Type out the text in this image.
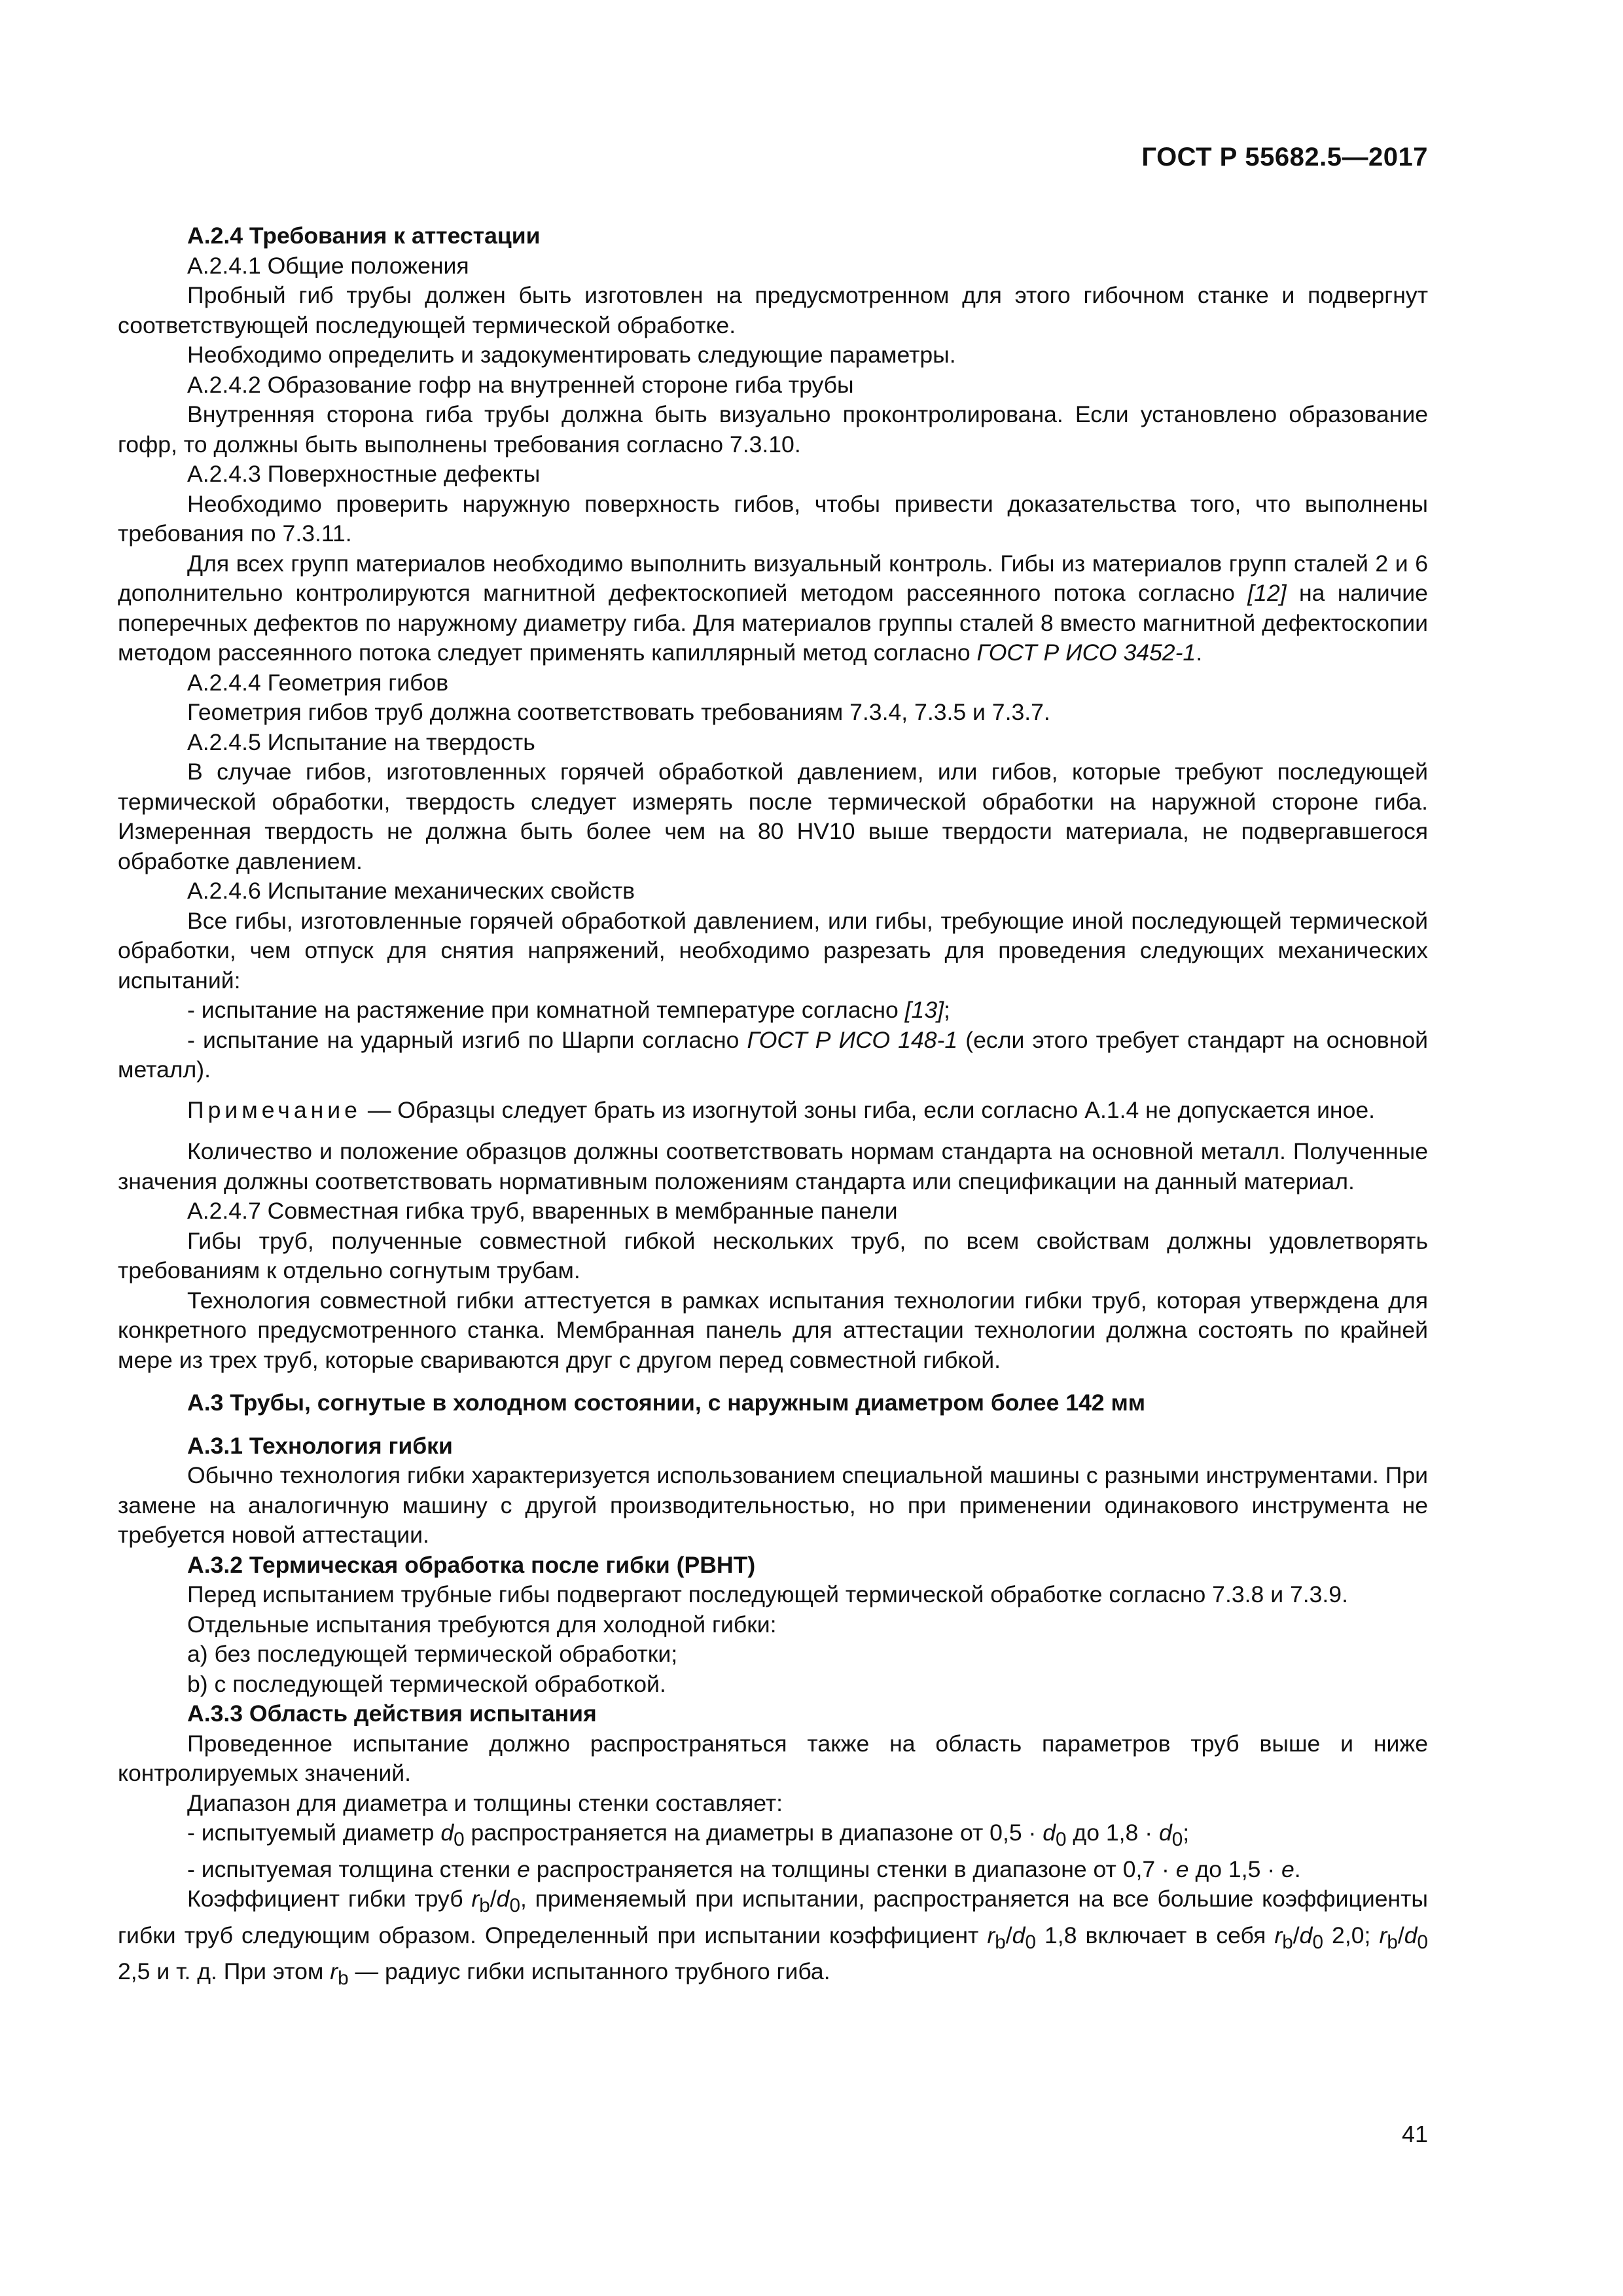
ГОСТ Р 55682.5—2017

А.2.4 Требования к аттестации

А.2.4.1 Общие положения

Пробный гиб трубы должен быть изготовлен на предусмотренном для этого гибочном станке и подвергнут соответствующей последующей термической обработке.

Необходимо определить и задокументировать следующие параметры.

А.2.4.2 Образование гофр на внутренней стороне гиба трубы

Внутренняя сторона гиба трубы должна быть визуально проконтролирована. Если установлено образование гофр, то должны быть выполнены требования согласно 7.3.10.

А.2.4.3 Поверхностные дефекты

Необходимо проверить наружную поверхность гибов, чтобы привести доказательства того, что выполнены требования по 7.3.11.

Для всех групп материалов необходимо выполнить визуальный контроль. Гибы из материалов групп сталей 2 и 6 дополнительно контролируются магнитной дефектоскопией методом рассеянного потока согласно [12] на наличие поперечных дефектов по наружному диаметру гиба. Для материалов группы сталей 8 вместо магнитной дефектоскопии методом рассеянного потока следует применять капиллярный метод согласно ГОСТ Р ИСО 3452-1.

А.2.4.4 Геометрия гибов

Геометрия гибов труб должна соответствовать требованиям 7.3.4, 7.3.5 и 7.3.7.

А.2.4.5 Испытание на твердость

В случае гибов, изготовленных горячей обработкой давлением, или гибов, которые требуют последующей термической обработки, твердость следует измерять после термической обработки на наружной стороне гиба. Измеренная твердость не должна быть более чем на 80 HV10 выше твердости материала, не подвергавшегося обработке давлением.

А.2.4.6 Испытание механических свойств

Все гибы, изготовленные горячей обработкой давлением, или гибы, требующие иной последующей термической обработки, чем отпуск для снятия напряжений, необходимо разрезать для проведения следующих механических испытаний:

- испытание на растяжение при комнатной температуре согласно [13];

- испытание на ударный изгиб по Шарпи согласно ГОСТ Р ИСО 148-1 (если этого требует стандарт на основной металл).

Примечание — Образцы следует брать из изогнутой зоны гиба, если согласно А.1.4 не допускается иное.

Количество и положение образцов должны соответствовать нормам стандарта на основной металл. Полученные значения должны соответствовать нормативным положениям стандарта или спецификации на данный материал.

А.2.4.7 Совместная гибка труб, вваренных в мембранные панели

Гибы труб, полученные совместной гибкой нескольких труб, по всем свойствам должны удовлетворять требованиям к отдельно согнутым трубам.

Технология совместной гибки аттестуется в рамках испытания технологии гибки труб, которая утверждена для конкретного предусмотренного станка. Мембранная панель для аттестации технологии должна состоять по крайней мере из трех труб, которые свариваются друг с другом перед совместной гибкой.

А.3 Трубы, согнутые в холодном состоянии, с наружным диаметром более 142 мм

А.3.1 Технология гибки

Обычно технология гибки характеризуется использованием специальной машины с разными инструментами. При замене на аналогичную машину с другой производительностью, но при применении одинакового инструмента не требуется новой аттестации.

А.3.2 Термическая обработка после гибки (PBHT)

Перед испытанием трубные гибы подвергают последующей термической обработке согласно 7.3.8 и 7.3.9.

Отдельные испытания требуются для холодной гибки:

a) без последующей термической обработки;

b) с последующей термической обработкой.

А.3.3 Область действия испытания

Проведенное испытание должно распространяться также на область параметров труб выше и ниже контролируемых значений.

Диапазон для диаметра и толщины стенки составляет:

- испытуемый диаметр $d_0$ распространяется на диаметры в диапазоне от $0,5 \cdot d_0$ до $1,8 \cdot d_0$;

- испытуемая толщина стенки e распространяется на толщины стенки в диапазоне от 0,7 · e до 1,5 · e.

Коэффициент гибки труб $r_b/d_0$, применяемый при испытании, распространяется на все большие коэффициенты гибки труб следующим образом. Определенный при испытании коэффициент $r_b/d_0$ 1,8 включает в себя $r_b/d_0$ 2,0; $r_b/d_0$ 2,5 и т. д. При этом $r_b$ — радиус гибки испытанного трубного гиба.

41
